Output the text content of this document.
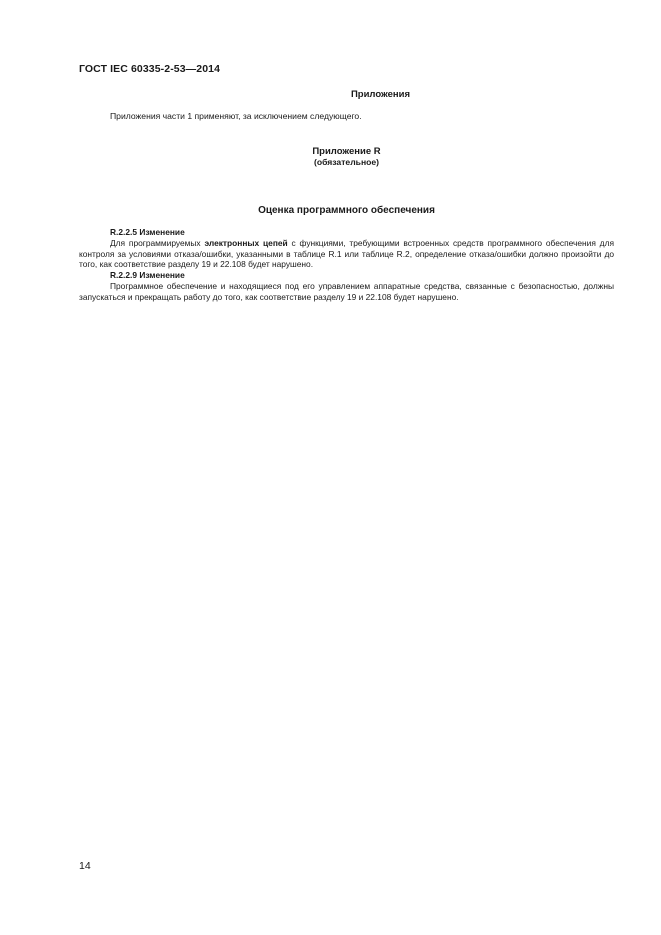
ГОСТ IEC 60335-2-53—2014
Приложения
Приложения части 1 применяют, за исключением следующего.
Приложение R
(обязательное)
Оценка программного обеспечения
R.2.2.5 Изменение
Для программируемых электронных цепей с функциями, требующими встроенных средств программного обеспечения для контроля за условиями отказа/ошибки, указанными в таблице R.1 или таблице R.2, определение отказа/ошибки должно произойти до того, как соответствие разделу 19 и 22.108 будет нарушено.
R.2.2.9 Изменение
Программное обеспечение и находящиеся под его управлением аппаратные средства, связанные с безопасностью, должны запускаться и прекращать работу до того, как соответствие разделу 19 и 22.108 будет нарушено.
14
